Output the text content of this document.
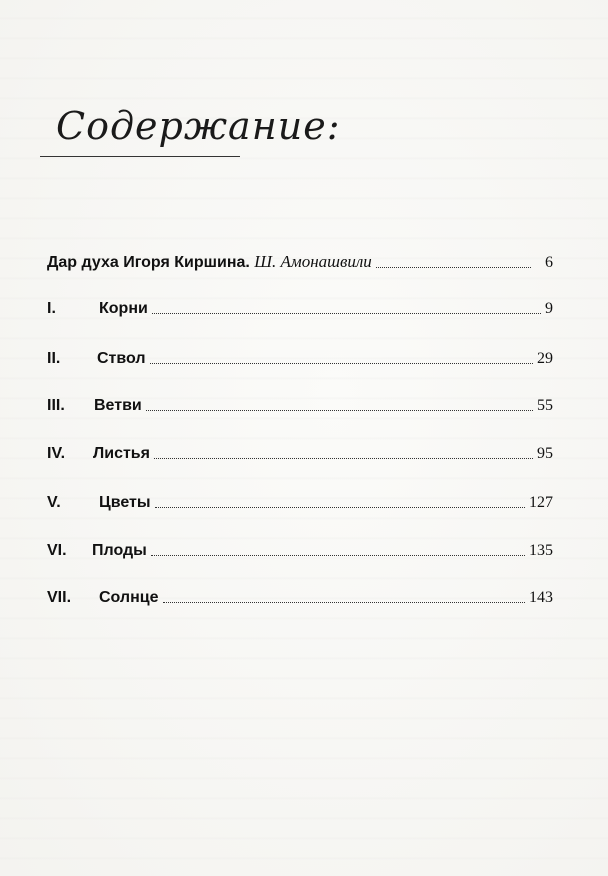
Содержание:
Дар духа Игоря Киршина. Ш. Амонашвили	6
I.	Корни	9
II.	Ствол	29
III.	Ветви	55
IV.	Листья	95
V.	Цветы	127
VI.	Плоды	135
VII.	Солнце	143
